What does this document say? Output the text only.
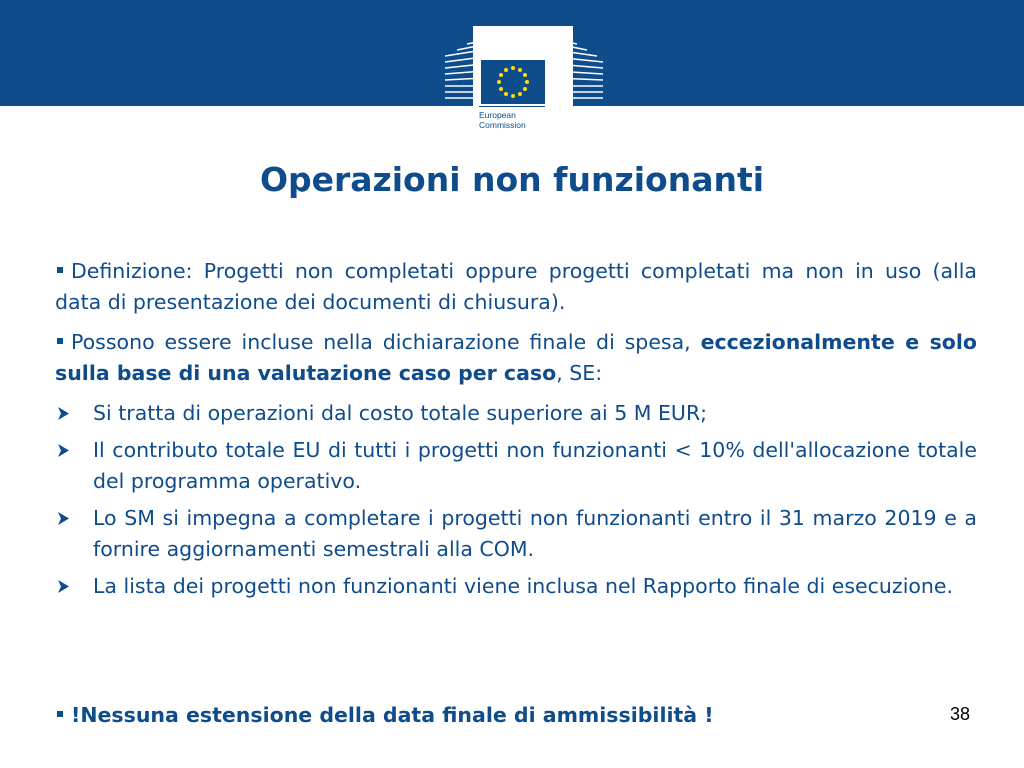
European
Commission
Operazioni non funzionanti

Definizione: Progetti non completati oppure progetti completati ma non in uso (alla data di presentazione dei documenti di chiusura).

Possono essere incluse nella dichiarazione finale di spesa, eccezionalmente e solo sulla base di una valutazione caso per caso, SE:

Si tratta di operazioni dal costo totale superiore ai 5 M EUR;
Il contributo totale EU di tutti i progetti non funzionanti < 10% dell'allocazione totale del programma operativo.
Lo SM si impegna a completare i progetti non funzionanti entro il 31 marzo 2019 e a fornire aggiornamenti semestrali alla COM.
La lista dei progetti non funzionanti viene inclusa nel Rapporto finale di esecuzione.
!Nessuna estensione della data finale di ammissibilità !	38
